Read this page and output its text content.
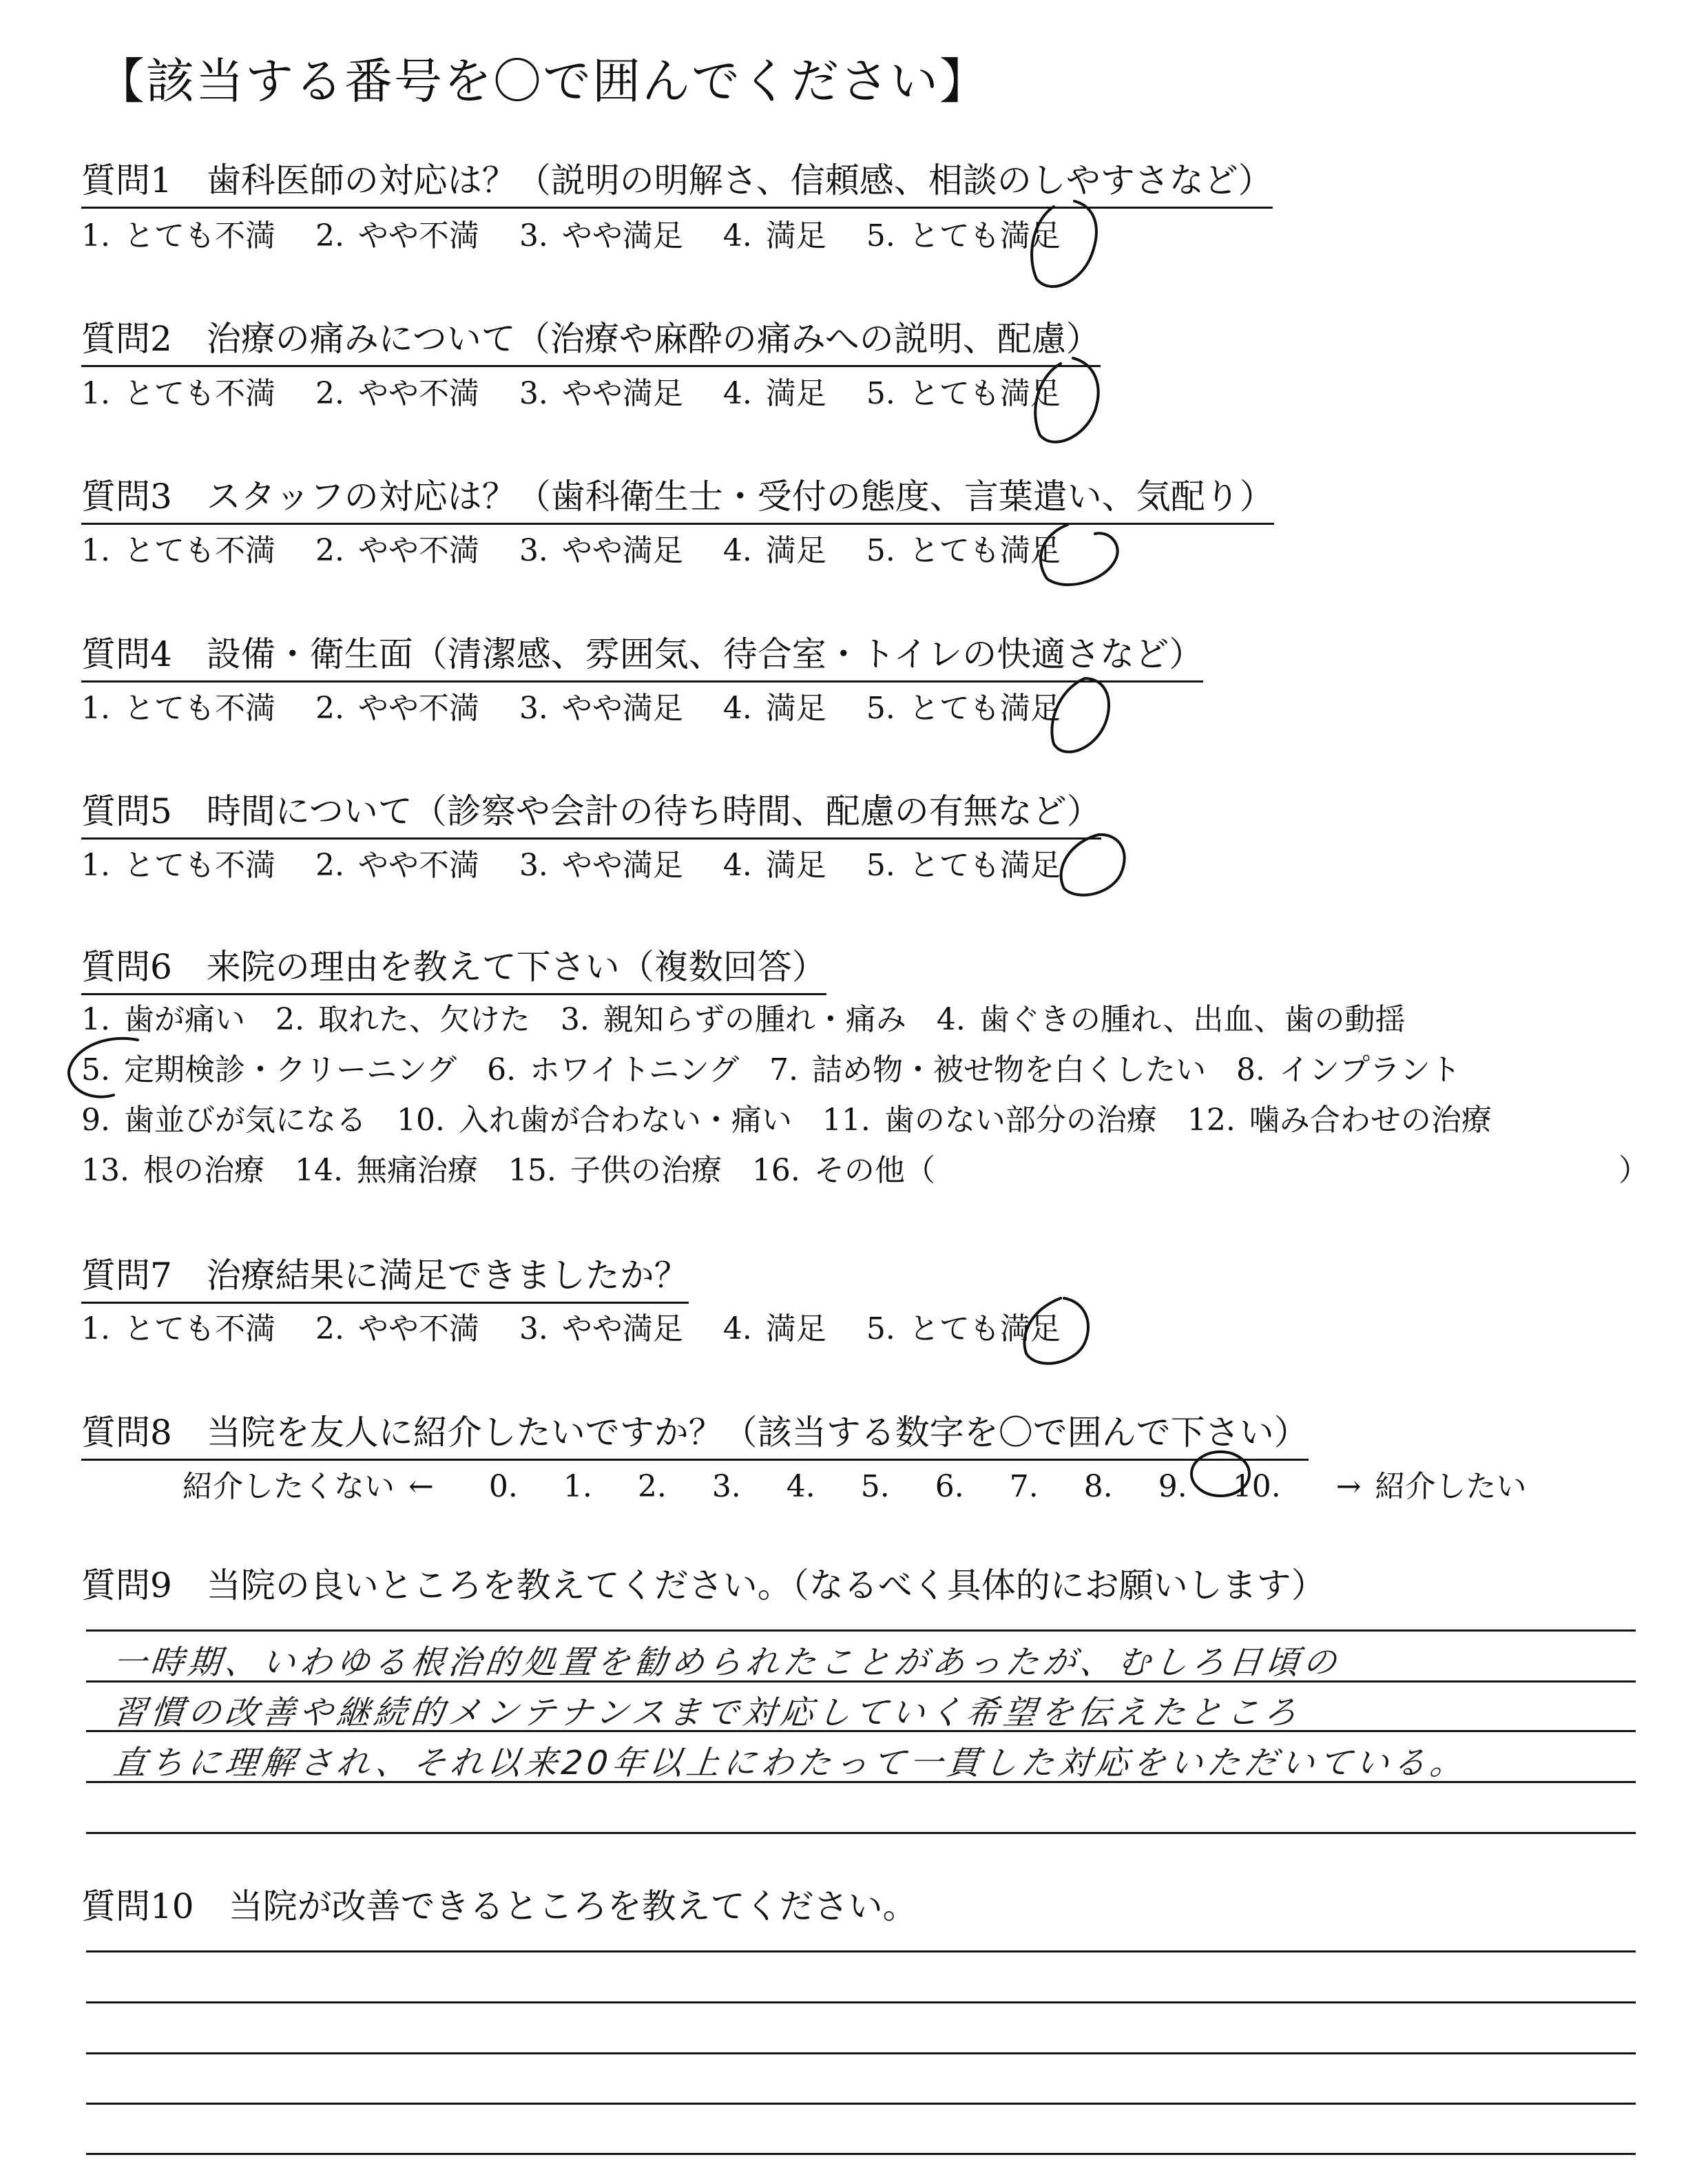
【該当する番号を〇で囲んでください】
質問1　歯科医師の対応は？（説明の明解さ、信頼感、相談のしやすさなど）
1. とても不満 2. やや不満 3. やや満足 4. 満足 5. とても満足
質問2　治療の痛みについて（治療や麻酔の痛みへの説明、配慮）
1. とても不満 2. やや不満 3. やや満足 4. 満足 5. とても満足
質問3　スタッフの対応は？（歯科衛生士・受付の態度、言葉遣い、気配り）
1. とても不満 2. やや不満 3. やや満足 4. 満足 5. とても満足
質問4　設備・衛生面（清潔感、雰囲気、待合室・トイレの快適さなど）
1. とても不満 2. やや不満 3. やや満足 4. 満足 5. とても満足
質問5　時間について（診察や会計の待ち時間、配慮の有無など）
1. とても不満 2. やや不満 3. やや満足 4. 満足 5. とても満足
質問6　来院の理由を教えて下さい（複数回答）
1. 歯が痛い　2. 取れた、欠けた　3. 親知らずの腫れ・痛み　4. 歯ぐきの腫れ、出血、歯の動揺
5. 定期検診・クリーニング　6. ホワイトニング　7. 詰め物・被せ物を白くしたい　8. インプラント
9. 歯並びが気になる　10. 入れ歯が合わない・痛い　11. 歯のない部分の治療　12. 噛み合わせの治療
13. 根の治療　14. 無痛治療　15. 子供の治療　16. その他（	）
質問7　治療結果に満足できましたか？
1. とても不満 2. やや不満 3. やや満足 4. 満足 5. とても満足
質問8　当院を友人に紹介したいですか？（該当する数字を〇で囲んで下さい）
紹介したくない ← 0. 1. 2. 3. 4. 5. 6. 7. 8. 9. 10. → 紹介したい
質問9　当院の良いところを教えてください。（なるべく具体的にお願いします）
一時期、いわゆる根治的処置を勧められたことがあったが、むしろ日頃の
習慣の改善や継続的メンテナンスまで対応していく希望を伝えたところ
直ちに理解され、それ以来20年以上にわたって一貫した対応をいただいている。
質問10　当院が改善できるところを教えてください。
